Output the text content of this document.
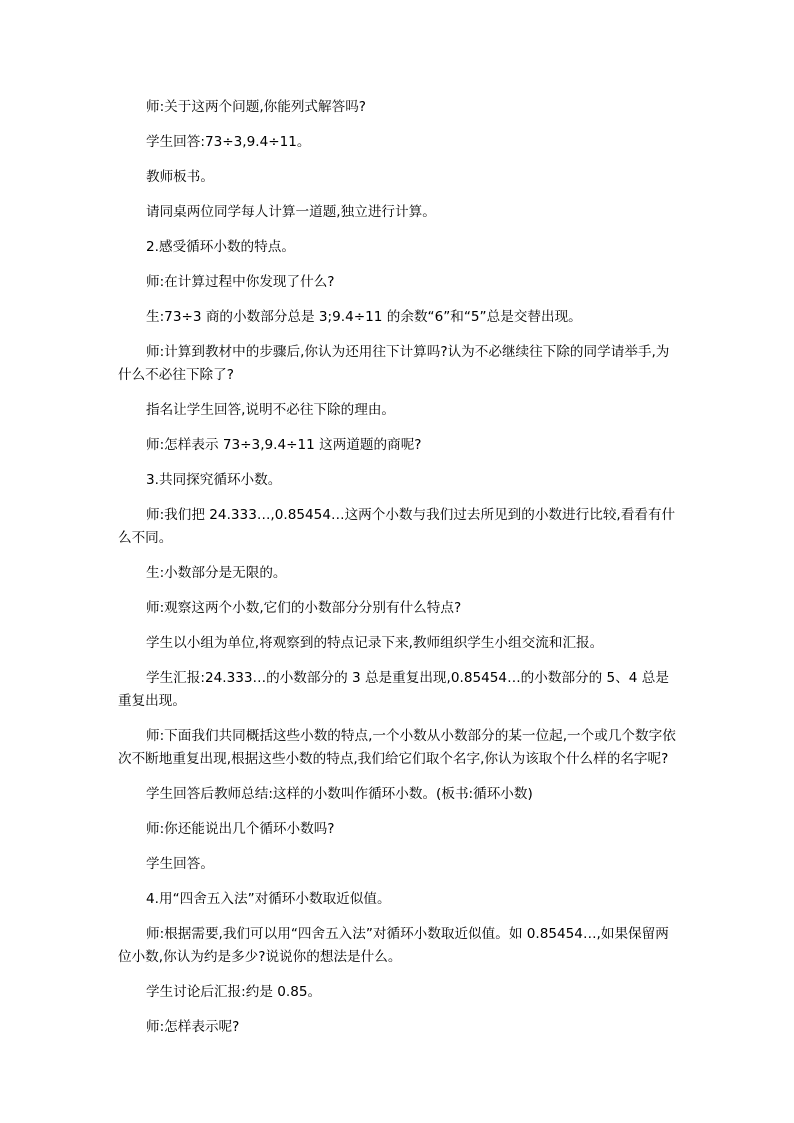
师:关于这两个问题,你能列式解答吗?

学生回答:73÷3,9.4÷11。

教师板书。

请同桌两位同学每人计算一道题,独立进行计算。

2.感受循环小数的特点。

师:在计算过程中你发现了什么?

生:73÷3 商的小数部分总是 3;9.4÷11 的余数“6”和“5”总是交替出现。

师:计算到教材中的步骤后,你认为还用往下计算吗?认为不必继续往下除的同学请举手,为什么不必往下除了?

指名让学生回答,说明不必往下除的理由。

师:怎样表示 73÷3,9.4÷11 这两道题的商呢?

3.共同探究循环小数。

师:我们把 24.333…,0.85454…这两个小数与我们过去所见到的小数进行比较,看看有什么不同。

生:小数部分是无限的。

师:观察这两个小数,它们的小数部分分别有什么特点?

学生以小组为单位,将观察到的特点记录下来,教师组织学生小组交流和汇报。

学生汇报:24.333…的小数部分的 3 总是重复出现,0.85454…的小数部分的 5、4 总是重复出现。

师:下面我们共同概括这些小数的特点,一个小数从小数部分的某一位起,一个或几个数字依次不断地重复出现,根据这些小数的特点,我们给它们取个名字,你认为该取个什么样的名字呢?

学生回答后教师总结:这样的小数叫作循环小数。(板书:循环小数)

师:你还能说出几个循环小数吗?

学生回答。

4.用“四舍五入法”对循环小数取近似值。

师:根据需要,我们可以用“四舍五入法”对循环小数取近似值。如 0.85454…,如果保留两位小数,你认为约是多少?说说你的想法是什么。

学生讨论后汇报:约是 0.85。

师:怎样表示呢?
